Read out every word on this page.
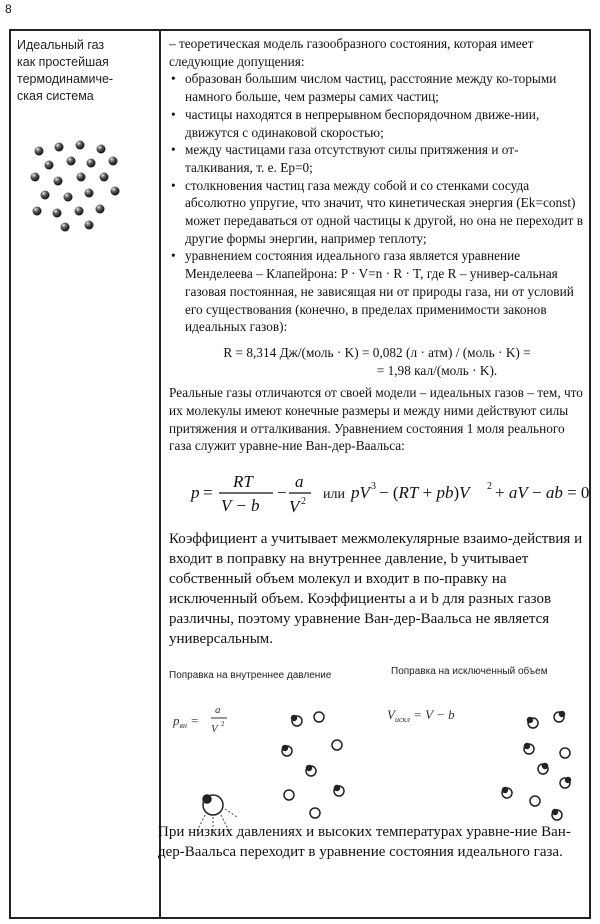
8
Идеальный газ
как простейшая
термодинамиче-
ская система

– теоретическая модель газообразного состояния, которая имеет следующие допущения:

• образован большим числом частиц, расстояние между ко-торыми намного больше, чем размеры самих частиц;
• частицы находятся в непрерывном беспорядочном движе-нии, движутся с одинаковой скоростью;
• между частицами газа отсутствуют силы притяжения и от-талкивания, т. е. Eр=0;
• столкновения частиц газа между собой и со стенками сосуда абсолютно упругие, что значит, что кинетическая энергия (Ek=const) может передаваться от одной частицы к другой, но она не переходит в другие формы энергии, например теплоту;
• уравнением состояния идеального газа является уравнение Менделеева – Клапейрона: P · V=n · R · T, где R – универ-сальная газовая постоянная, не зависящая ни от природы газа, ни от условий его существования (конечно, в пределах применимости законов идеальных газов):
R = 8,314 Дж/(моль · K) = 0,082 (л · атм) / (моль · K) =
= 1,98 кал/(моль · K).

Реальные газы отличаются от своей модели – идеальных газов – тем, что их молекулы имеют конечные размеры и между ними действуют силы притяжения и отталкивания. Уравнением состояния 1 моля реального газа служит уравне-ние Ван-дер-Ваальса:

p =
RT
V − b
−
a
V 2 или pV 3 − (RT + pb)V 2 + aV − ab = 0

Коэффициент a учитывает межмолекулярные взаимо-действия и входит в поправку на внутреннее давление, b учитывает собственный объем молекул и входит в по-правку на исключенный объем. Коэффициенты a и b для разных газов различны, поэтому уравнение Ван-дер-Ваальса не является универсальным.

Поправка на внутреннее давление	Поправка на исключенный объем
$p_{вн}$ =
a
V 2
$V_{искл} = V - b$
При низких давлениях и высоких температурах уравне-ние Ван-дер-Ваальса переходит в уравнение состояния идеального газа.
